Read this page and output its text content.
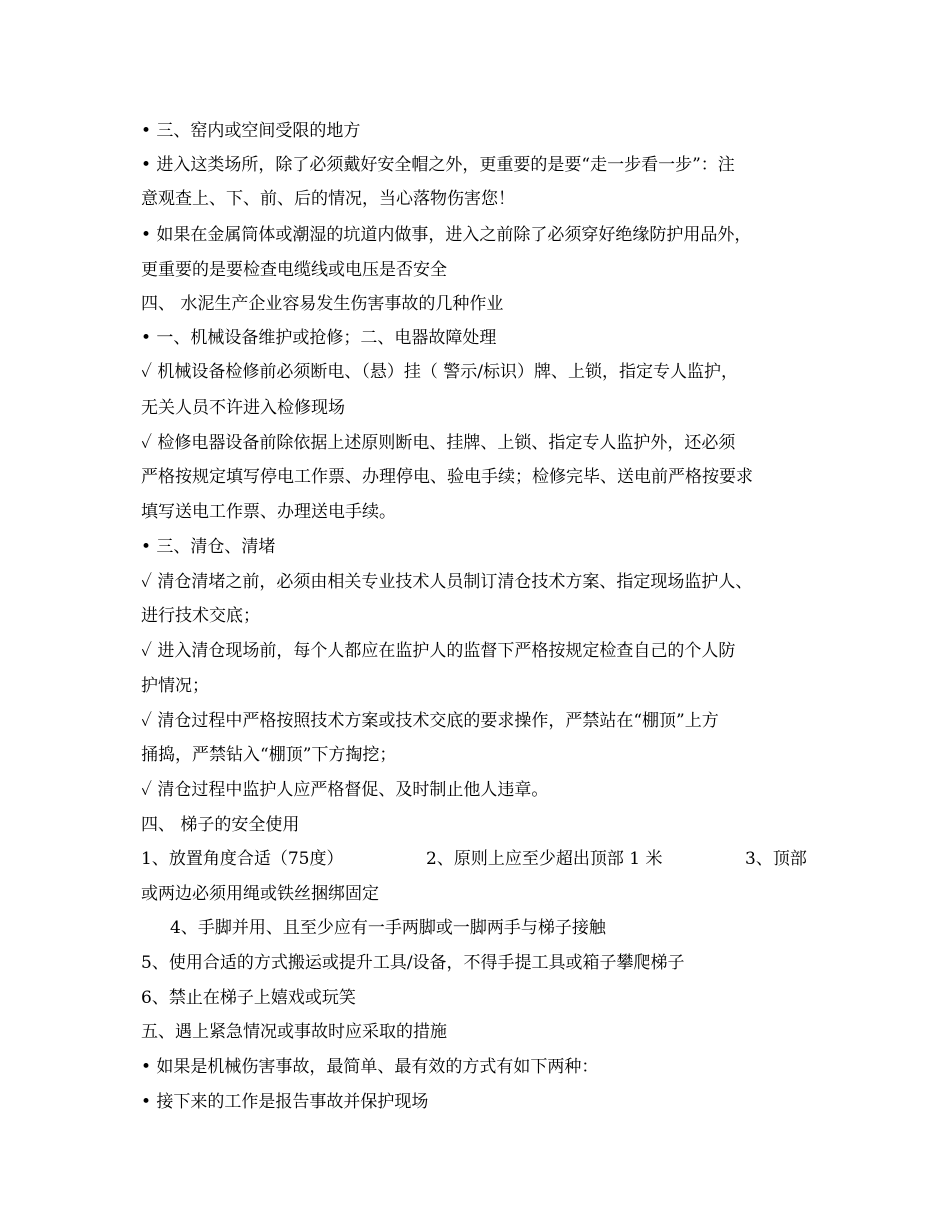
• 三、窑内或空间受限的地方
• 进入这类场所，除了必须戴好安全帽之外，更重要的是要“走一步看一步”：注
意观查上、下、前、后的情况，当心落物伤害您！
• 如果在金属筒体或潮湿的坑道内做事，进入之前除了必须穿好绝缘防护用品外，
更重要的是要检查电缆线或电压是否安全
四、 水泥生产企业容易发生伤害事故的几种作业
• 一、机械设备维护或抢修；二、电器故障处理
✓ 机械设备检修前必须断电、（悬）挂（ 警示/标识）牌、上锁，指定专人监护，
无关人员不许进入检修现场
✓ 检修电器设备前除依据上述原则断电、挂牌、上锁、指定专人监护外，还必须
严格按规定填写停电工作票、办理停电、验电手续；检修完毕、送电前严格按要求
填写送电工作票、办理送电手续。
• 三、清仓、清堵
✓ 清仓清堵之前，必须由相关专业技术人员制订清仓技术方案、指定现场监护人、
进行技术交底；
✓ 进入清仓现场前，每个人都应在监护人的监督下严格按规定检查自己的个人防
护情况；
✓ 清仓过程中严格按照技术方案或技术交底的要求操作，严禁站在“棚顶”上方
捅捣，严禁钻入“棚顶”下方掏挖；
✓ 清仓过程中监护人应严格督促、及时制止他人违章。
四、 梯子的安全使用
1、放置角度合适（75度）	2、原则上应至少超出顶部 1 米	3、顶部
或两边必须用绳或铁丝捆绑固定
4、手脚并用、且至少应有一手两脚或一脚两手与梯子接触
5、使用合适的方式搬运或提升工具/设备，不得手提工具或箱子攀爬梯子
6、禁止在梯子上嬉戏或玩笑
五、遇上紧急情况或事故时应采取的措施
• 如果是机械伤害事故，最简单、最有效的方式有如下两种：
• 接下来的工作是报告事故并保护现场
